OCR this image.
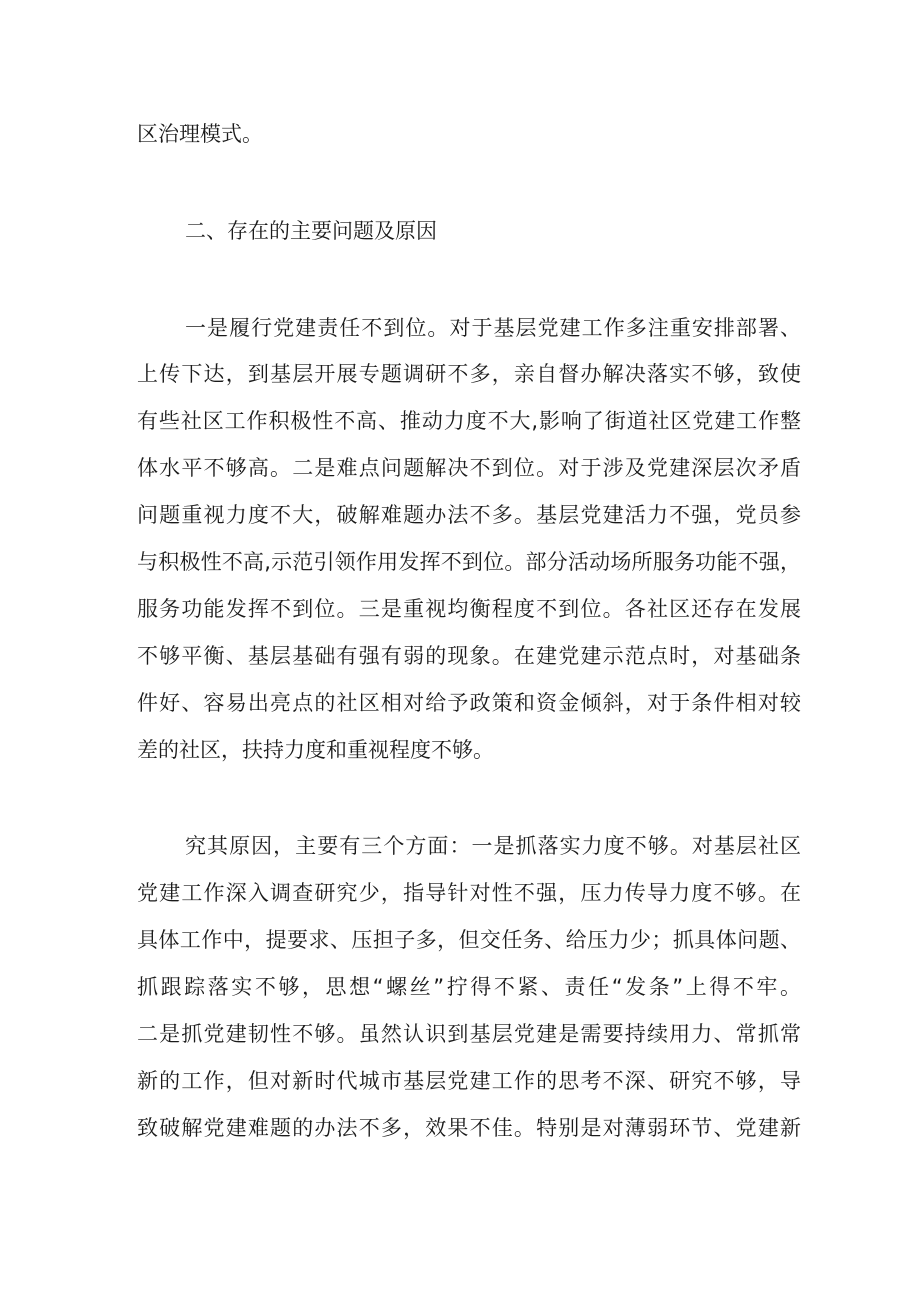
区治理模式。
二、存在的主要问题及原因
一是履行党建责任不到位。对于基层党建工作多注重安排部署、
上传下达，到基层开展专题调研不多，亲自督办解决落实不够，致使
有些社区工作积极性不高、推动力度不大,影响了街道社区党建工作整
体水平不够高。二是难点问题解决不到位。对于涉及党建深层次矛盾
问题重视力度不大，破解难题办法不多。基层党建活力不强，党员参
与积极性不高,示范引领作用发挥不到位。部分活动场所服务功能不强，
服务功能发挥不到位。三是重视均衡程度不到位。各社区还存在发展
不够平衡、基层基础有强有弱的现象。在建党建示范点时，对基础条
件好、容易出亮点的社区相对给予政策和资金倾斜，对于条件相对较
差的社区，扶持力度和重视程度不够。
究其原因，主要有三个方面：一是抓落实力度不够。对基层社区
党建工作深入调查研究少，指导针对性不强，压力传导力度不够。在
具体工作中，提要求、压担子多，但交任务、给压力少；抓具体问题、
抓跟踪落实不够，思想“螺丝”拧得不紧、责任“发条”上得不牢。
二是抓党建韧性不够。虽然认识到基层党建是需要持续用力、常抓常
新的工作，但对新时代城市基层党建工作的思考不深、研究不够，导
致破解党建难题的办法不多，效果不佳。特别是对薄弱环节、党建新
